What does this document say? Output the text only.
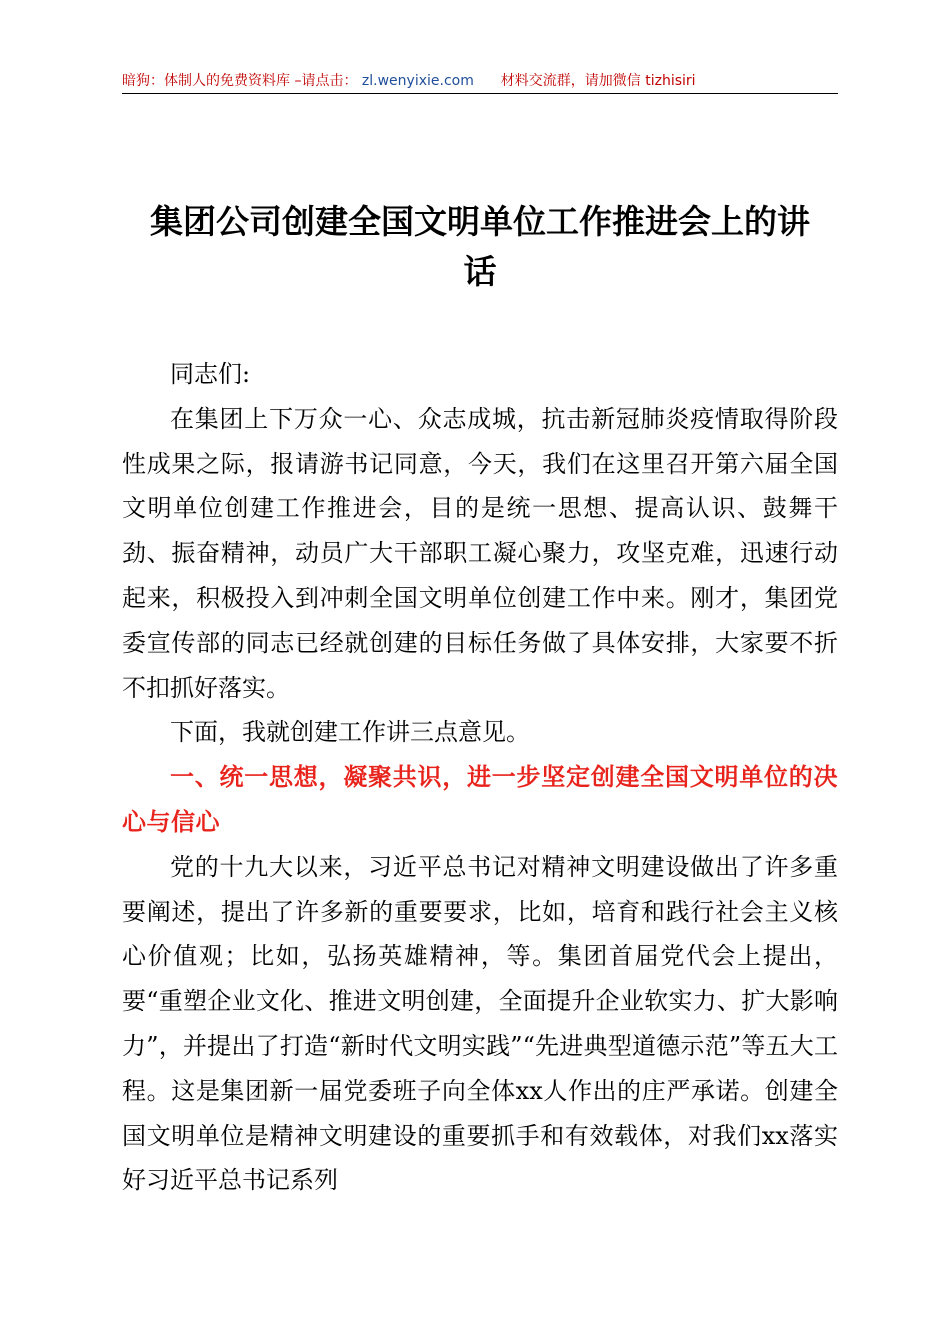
暗狗：体制人的免费资料库 –请点击： zl.wenyixie.com 材料交流群，请加微信 tizhisiri
集团公司创建全国文明单位工作推进会上的讲
话

同志们:

在集团上下万众一心、众志成城，抗击新冠肺炎疫情取得阶段性成果之际，报请游书记同意，今天，我们在这里召开第六届全国文明单位创建工作推进会，目的是统一思想、提高认识、鼓舞干劲、振奋精神，动员广大干部职工凝心聚力，攻坚克难，迅速行动起来，积极投入到冲刺全国文明单位创建工作中来。刚才，集团党委宣传部的同志已经就创建的目标任务做了具体安排，大家要不折不扣抓好落实。

下面，我就创建工作讲三点意见。

一、统一思想，凝聚共识，进一步坚定创建全国文明单位的决心与信心

党的十九大以来，习近平总书记对精神文明建设做出了许多重要阐述，提出了许多新的重要要求，比如，培育和践行社会主义核心价值观；比如，弘扬英雄精神，等。集团首届党代会上提出，要“重塑企业文化、推进文明创建，全面提升企业软实力、扩大影响力”，并提出了打造“新时代文明实践”“先进典型道德示范”等五大工程。这是集团新一届党委班子向全体xx人作出的庄严承诺。创建全国文明单位是精神文明建设的重要抓手和有效载体，对我们xx落实好习近平总书记系列
